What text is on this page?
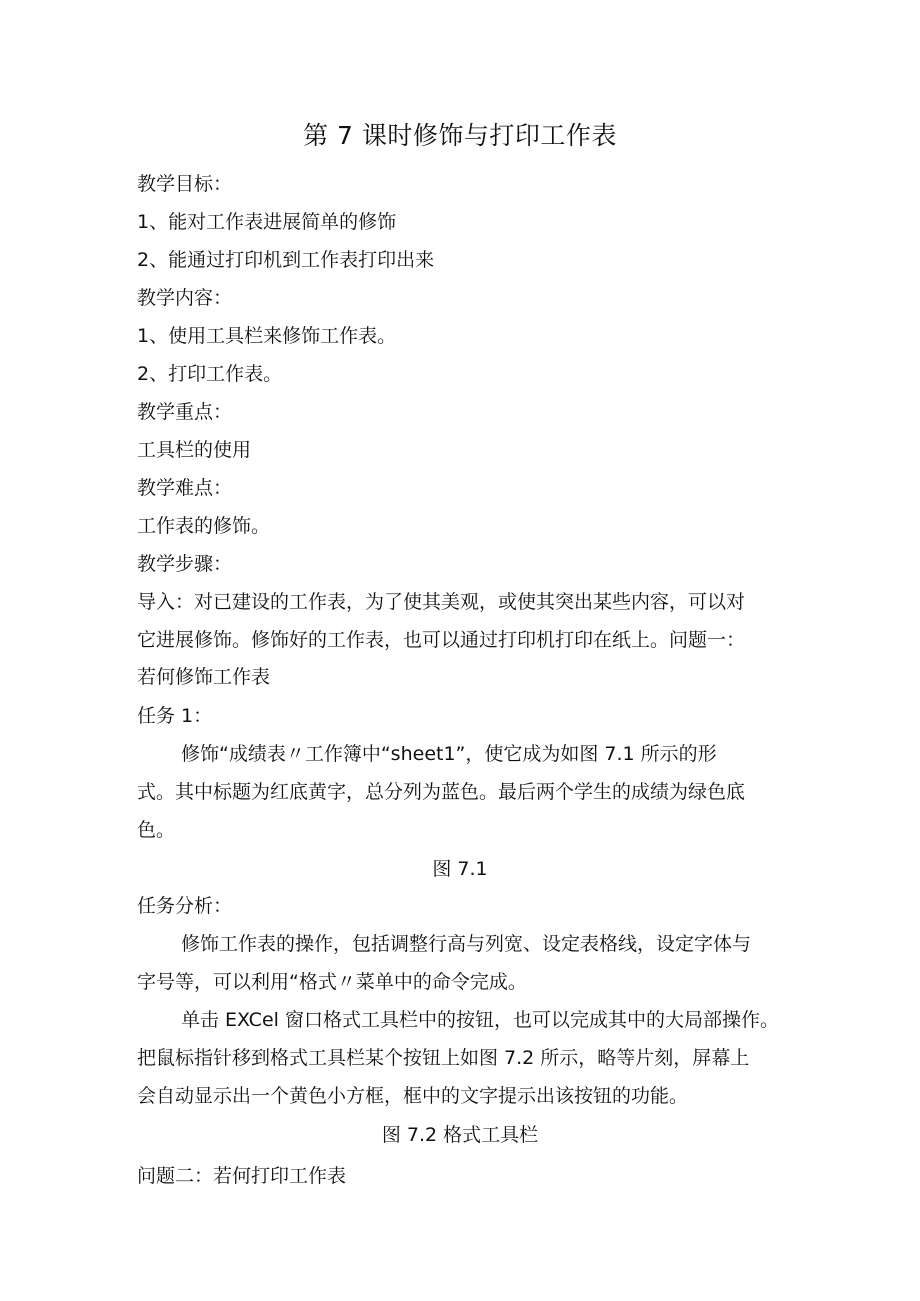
第 7 课时修饰与打印工作表
教学目标：
1、能对工作表进展简单的修饰
2、能通过打印机到工作表打印出来
教学内容：
1、使用工具栏来修饰工作表。
2、打印工作表。
教学重点：
工具栏的使用
教学难点：
工作表的修饰。
教学步骤：
导入：对已建设的工作表，为了使其美观，或使其突出某些内容，可以对
它进展修饰。修饰好的工作表，也可以通过打印机打印在纸上。问题一：
若何修饰工作表
任务 1：
修饰“成绩表〃工作簿中“sheet1”，使它成为如图 7.1 所示的形
式。其中标题为红底黄字，总分列为蓝色。最后两个学生的成绩为绿色底
色。
图 7.1
任务分析：
修饰工作表的操作，包括调整行高与列宽、设定表格线，设定字体与
字号等，可以利用“格式〃菜单中的命令完成。
单击 EXCel 窗口格式工具栏中的按钮，也可以完成其中的大局部操作。
把鼠标指针移到格式工具栏某个按钮上如图 7.2 所示，略等片刻，屏幕上
会自动显示出一个黄色小方框，框中的文字提示出该按钮的功能。
图 7.2 格式工具栏
问题二：若何打印工作表
